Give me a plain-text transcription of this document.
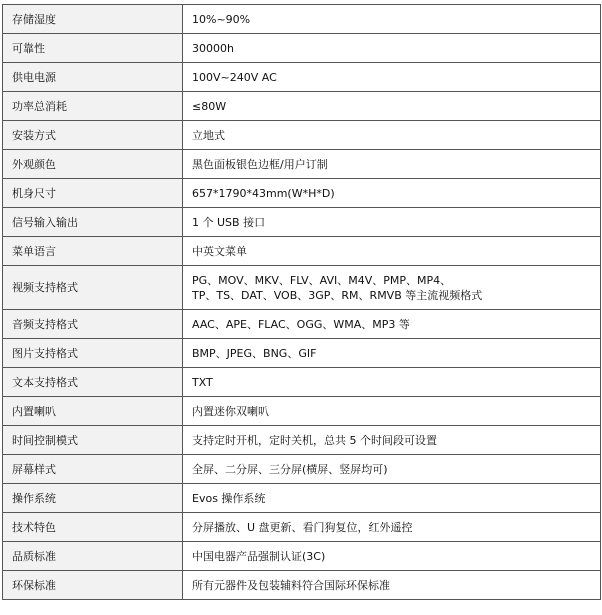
存储湿度	10%~90%
可靠性	30000h
供电电源	100V~240V AC
功率总消耗	≤80W
安装方式	立地式
外观颜色	黑色面板银色边框/用户订制
机身尺寸	657*1790*43mm(W*H*D)
信号输入输出	1 个 USB 接口
菜单语言	中英文菜单
视频支持格式	PG、MOV、MKV、FLV、AVI、M4V、PMP、MP4、
TP、TS、DAT、VOB、3GP、RM、RMVB 等主流视频格式

音频支持格式	AAC、APE、FLAC、OGG、WMA、MP3 等
图片支持格式	BMP、JPEG、BNG、GIF
文本支持格式	TXT
内置喇叭	内置迷你双喇叭
时间控制模式	支持定时开机，定时关机，总共 5 个时间段可设置
屏幕样式	全屏、二分屏、三分屏(横屏、竖屏均可)
操作系统	Evos 操作系统
技术特色	分屏播放、U 盘更新、看门狗复位，红外遥控
品质标准	中国电器产品强制认证(3C)
环保标准	所有元器件及包装辅料符合国际环保标准
